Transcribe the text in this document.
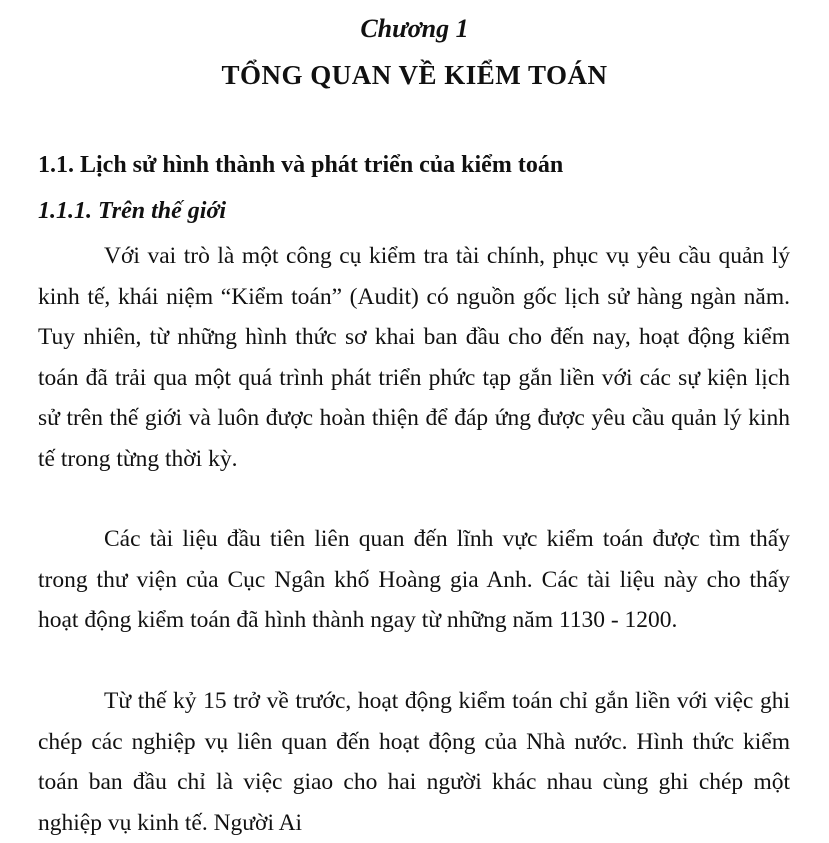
Chương 1
TỔNG QUAN VỀ KIỂM TOÁN
1.1. Lịch sử hình thành và phát triển của kiểm toán
1.1.1. Trên thế giới

Với vai trò là một công cụ kiểm tra tài chính, phục vụ yêu cầu quản lý kinh tế, khái niệm “Kiểm toán” (Audit) có nguồn gốc lịch sử hàng ngàn năm. Tuy nhiên, từ những hình thức sơ khai ban đầu cho đến nay, hoạt động kiểm toán đã trải qua một quá trình phát triển phức tạp gắn liền với các sự kiện lịch sử trên thế giới và luôn được hoàn thiện để đáp ứng được yêu cầu quản lý kinh tế trong từng thời kỳ.

Các tài liệu đầu tiên liên quan đến lĩnh vực kiểm toán được tìm thấy trong thư viện của Cục Ngân khố Hoàng gia Anh. Các tài liệu này cho thấy hoạt động kiểm toán đã hình thành ngay từ những năm 1130 - 1200.

Từ thế kỷ 15 trở về trước, hoạt động kiểm toán chỉ gắn liền với việc ghi chép các nghiệp vụ liên quan đến hoạt động của Nhà nước. Hình thức kiểm toán ban đầu chỉ là việc giao cho hai người khác nhau cùng ghi chép một nghiệp vụ kinh tế. Người Ai
